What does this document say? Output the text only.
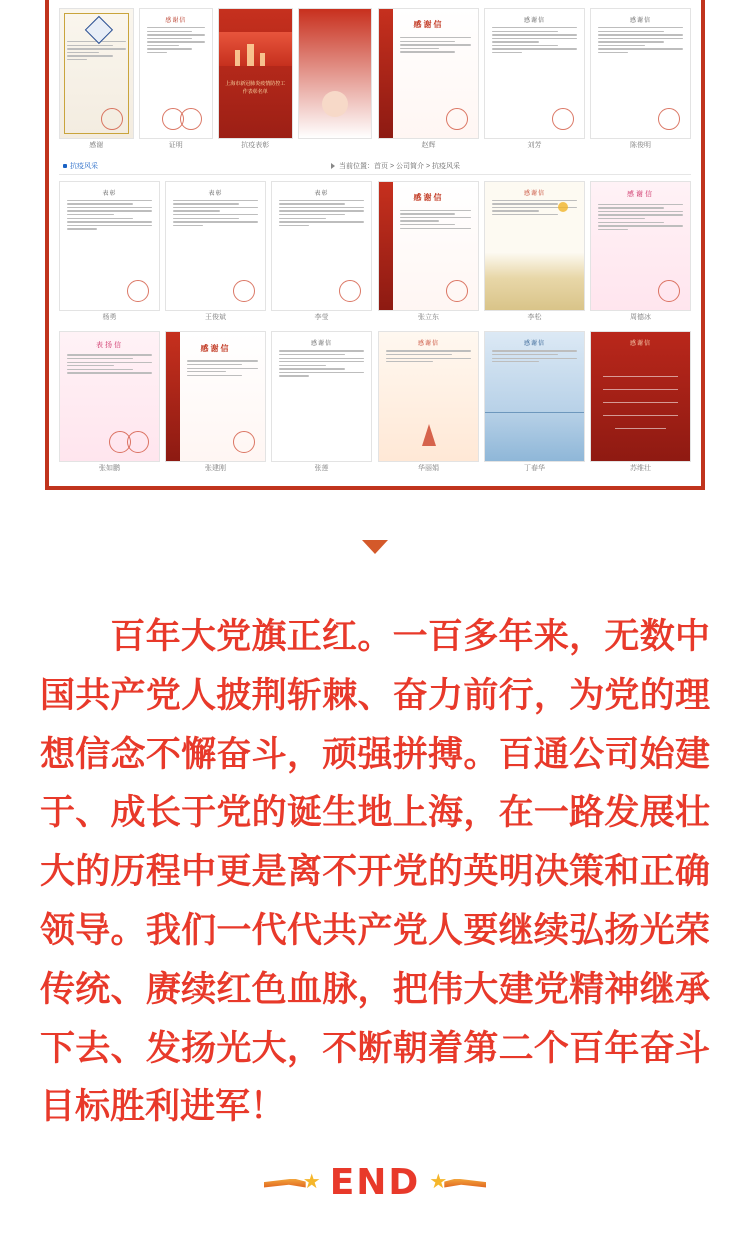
感谢
感谢信
证明
上海市新冠肺炎疫情防控工作表彰名单
抗疫表彰
感谢信
赵辉
感谢信
刘芳
感谢信
陈俊明
抗疫风采	当前位置：首页 > 公司简介 > 抗疫风采
表彰
杨勇
表彰
王俊斌
表彰
李莹
感谢信
张立东
感谢信
李松
感谢信
周德冰
表扬信
张如鹏
感谢信
张建刚
感谢信
张莲
感谢信
华丽娟
感谢信
丁春华
感谢信
苏维壮
百年大党旗正红。一百多年来，无数中国共产党人披荆斩棘、奋力前行，为党的理想信念不懈奋斗，顽强拼搏。百通公司始建于、成长于党的诞生地上海，在一路发展壮大的历程中更是离不开党的英明决策和正确领导。我们一代代共产党人要继续弘扬光荣传统、赓续红色血脉，把伟大建党精神继承下去、发扬光大，不断朝着第二个百年奋斗目标胜利进军！
★ END ★
